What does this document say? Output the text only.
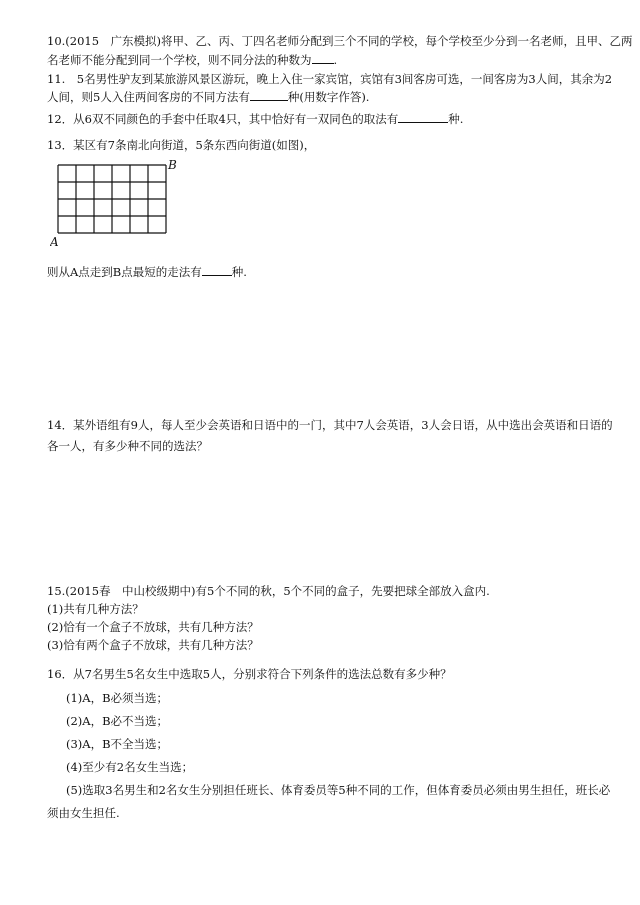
10.(2015　广东模拟)将甲、乙、丙、丁四名老师分配到三个不同的学校，每个学校至少分到一名老师，且甲、乙两
名老师不能分配到同一个学校，则不同分法的种数为 .
11.　5名男性驴友到某旅游风景区游玩，晚上入住一家宾馆，宾馆有3间客房可选，一间客房为3人间，其余为2
人间，则5人入住两间客房的不同方法有	种(用数字作答).
12．从6双不同颜色的手套中任取4只，其中恰好有一双同色的取法有	种.
13．某区有7条南北向街道，5条东西向街道(如图)，
A
B
则从A点走到B点最短的走法有	种.
14．某外语组有9人，每人至少会英语和日语中的一门，其中7人会英语，3人会日语，从中选出会英语和日语的
各一人，有多少种不同的选法？
15.(2015春　中山校级期中)有5个不同的秋，5个不同的盒子，先要把球全部放入盒内.
(1)共有几种方法？
(2)恰有一个盒子不放球，共有几种方法？
(3)恰有两个盒子不放球，共有几种方法？
16．从7名男生5名女生中选取5人，分别求符合下列条件的选法总数有多少种？
(1)A，B必须当选；
(2)A，B必不当选；
(3)A，B不全当选；
(4)至少有2名女生当选；
(5)选取3名男生和2名女生分别担任班长、体育委员等5种不同的工作，但体育委员必须由男生担任，班长必
须由女生担任.
